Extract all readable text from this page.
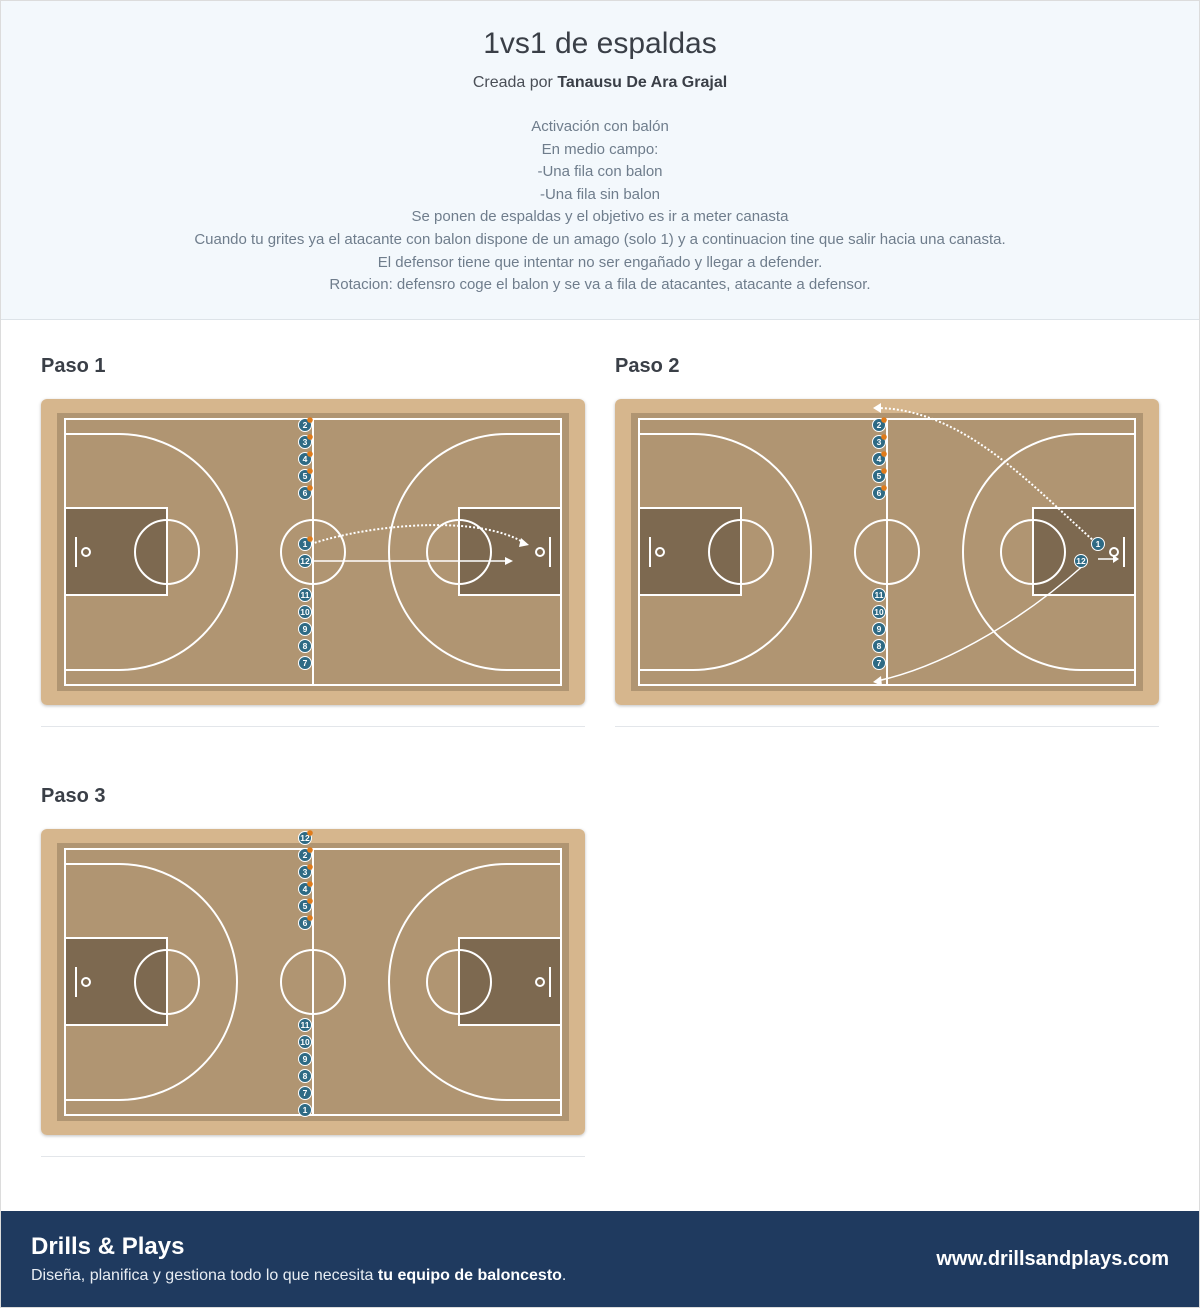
1vs1 de espaldas
Creada por Tanausu De Ara Grajal
Activación con balón
En medio campo:
-Una fila con balon
-Una fila sin balon
Se ponen de espaldas y el objetivo es ir a meter canasta
Cuando tu grites ya el atacante con balon dispone de un amago (solo 1) y a continuacion tine que salir hacia una canasta.
El defensor tiene que intentar no ser engañado y llegar a defender.
Rotacion: defensro coge el balon y se va a fila de atacantes, atacante a defensor.
Paso 1
2
3
4
5
6
1
12
11
10
9
8
7
Paso 2
2
3
4
5
6
1
12
11
10
9
8
7
Paso 3
12
2
3
4
5
6
11
10
9
8
7
1
Drills & Plays
Diseña, planifica y gestiona todo lo que necesita tu equipo de baloncesto.
www.drillsandplays.com
